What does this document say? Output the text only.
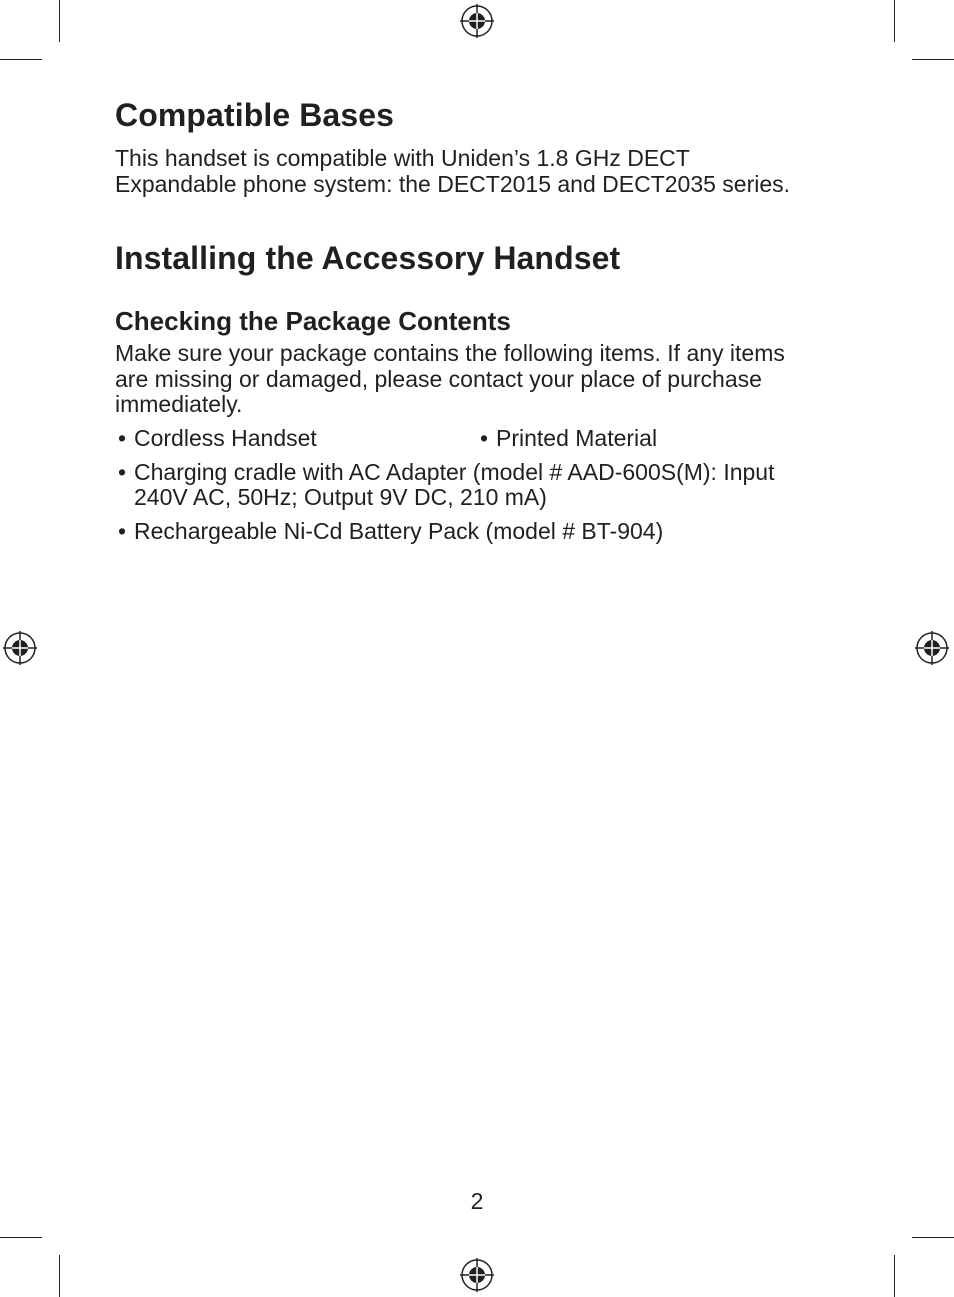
Compatible Bases

This handset is compatible with Uniden’s 1.8 GHz DECT Expandable phone system: the DECT2015 and DECT2035 series.

Installing the Accessory Handset
Checking the Package Contents

Make sure your package contains the following items. If any items are missing or damaged, please contact your place of purchase immediately.

• Cordless Handset	• Printed Material
• Charging cradle with AC Adapter (model # AAD-600S(M): Input 240V AC, 50Hz; Output 9V DC, 210 mA)
• Rechargeable Ni-Cd Battery Pack (model # BT-904)
2
